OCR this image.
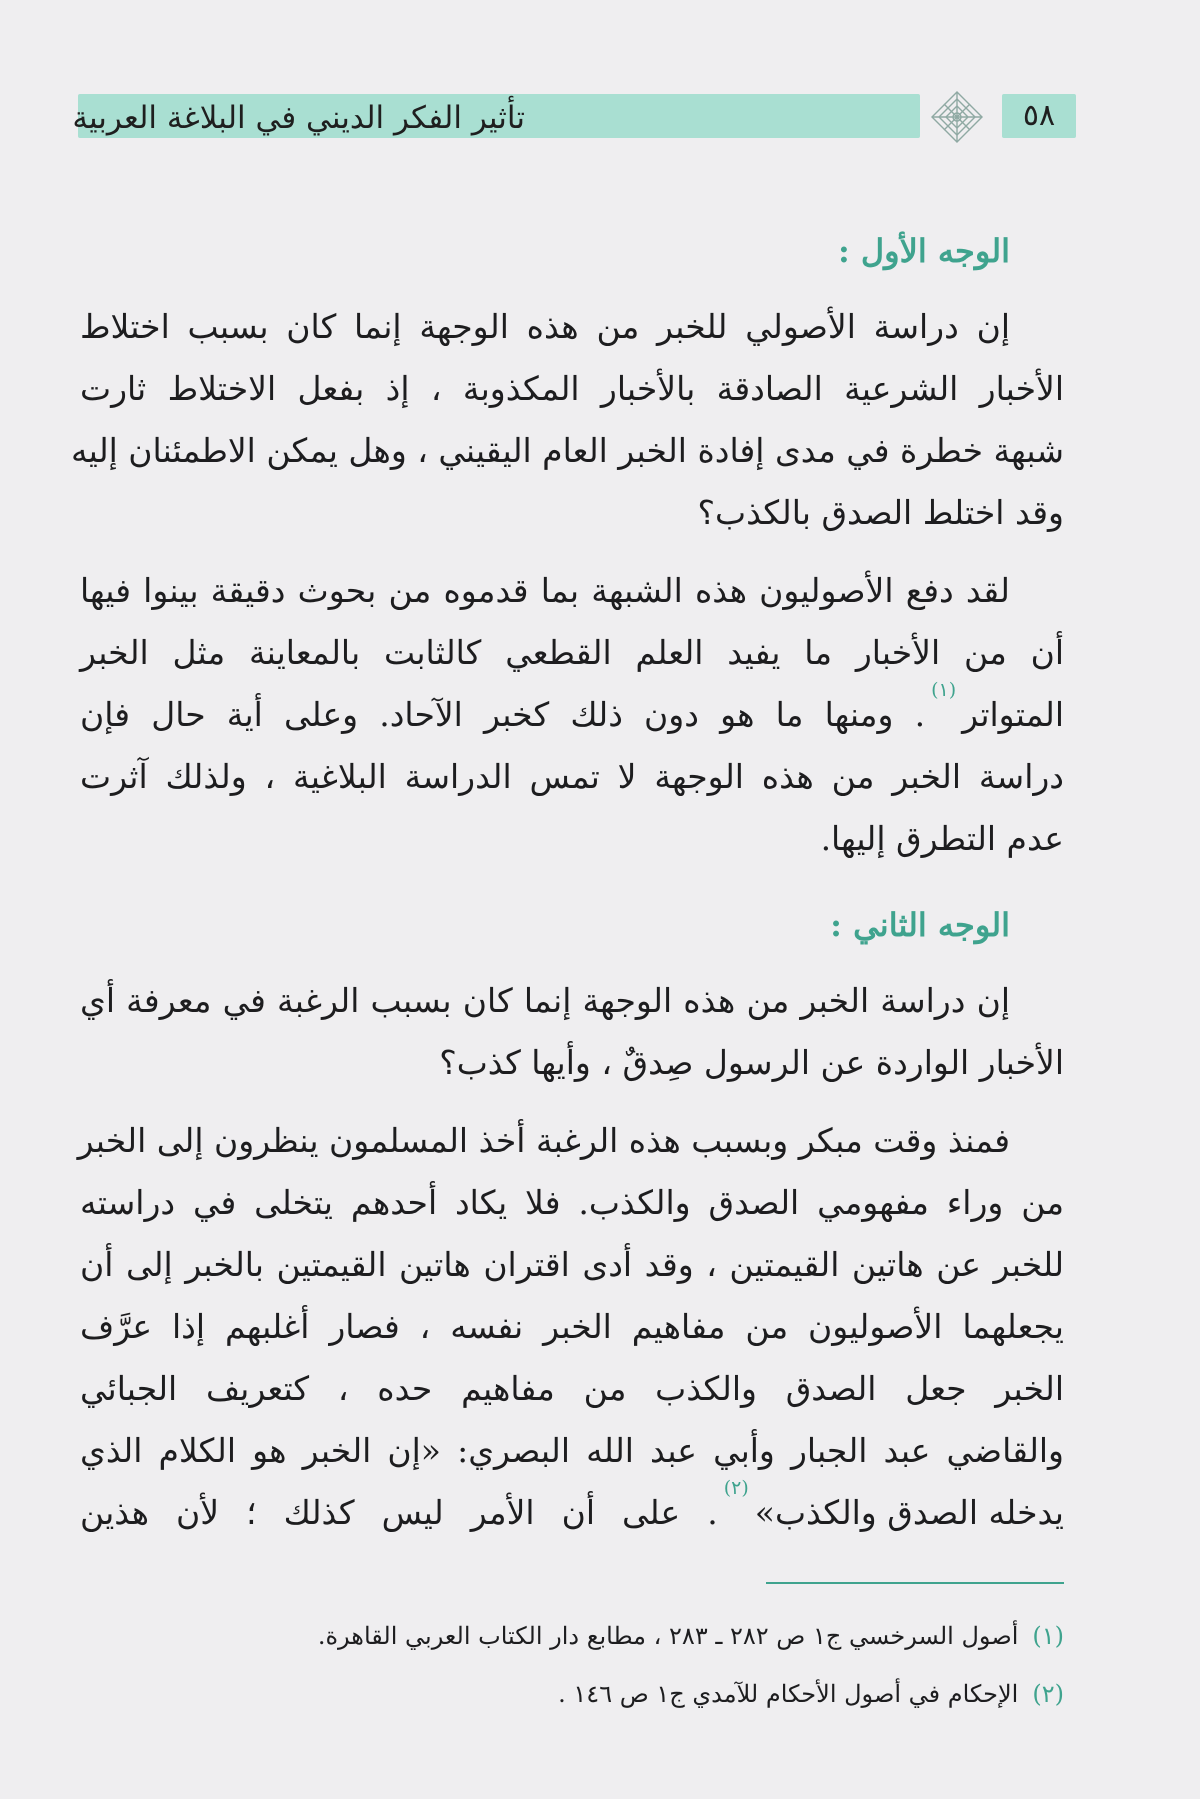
تأثير الفكر الديني في البلاغة العربية	٥٨
الوجه الأول :
إن دراسة الأصولي للخبر من هذه الوجهة إنما كان بسبب اختلاط
الأخبار الشرعية الصادقة بالأخبار المكذوبة ، إذ بفعل الاختلاط ثارت
شبهة خطرة في مدى إفادة الخبر العام اليقيني ، وهل يمكن الاطمئنان إليه
وقد اختلط الصدق بالكذب؟
لقد دفع الأصوليون هذه الشبهة بما قدموه من بحوث دقيقة بينوا فيها
أن من الأخبار ما يفيد العلم القطعي كالثابت بالمعاينة مثل الخبر
المتواتر
(١)
. ومنها ما هو دون ذلك كخبر الآحاد. وعلى أية حال فإن
دراسة الخبر من هذه الوجهة لا تمس الدراسة البلاغية ، ولذلك آثرت
عدم التطرق إليها.
الوجه الثاني :
إن دراسة الخبر من هذه الوجهة إنما كان بسبب الرغبة في معرفة أي
الأخبار الواردة عن الرسول صِدقٌ ، وأيها كذب؟
فمنذ وقت مبكر وبسبب هذه الرغبة أخذ المسلمون ينظرون إلى الخبر
من وراء مفهومي الصدق والكذب. فلا يكاد أحدهم يتخلى في دراسته
للخبر عن هاتين القيمتين ، وقد أدى اقتران هاتين القيمتين بالخبر إلى أن
يجعلهما الأصوليون من مفاهيم الخبر نفسه ، فصار أغلبهم إذا عرَّف
الخبر جعل الصدق والكذب من مفاهيم حده ، كتعريف الجبائي
والقاضي عبد الجبار وأبي عبد الله البصري: «إن الخبر هو الكلام الذي
يدخله الصدق والكذب»
(٢)
. على أن الأمر ليس كذلك ؛ لأن هذين
(١)أصول السرخسي ج١ ص ٢٨٢ ـ ٢٨٣ ، مطابع دار الكتاب العربي القاهرة.
(٢)الإحكام في أصول الأحكام للآمدي ج١ ص ١٤٦ .
